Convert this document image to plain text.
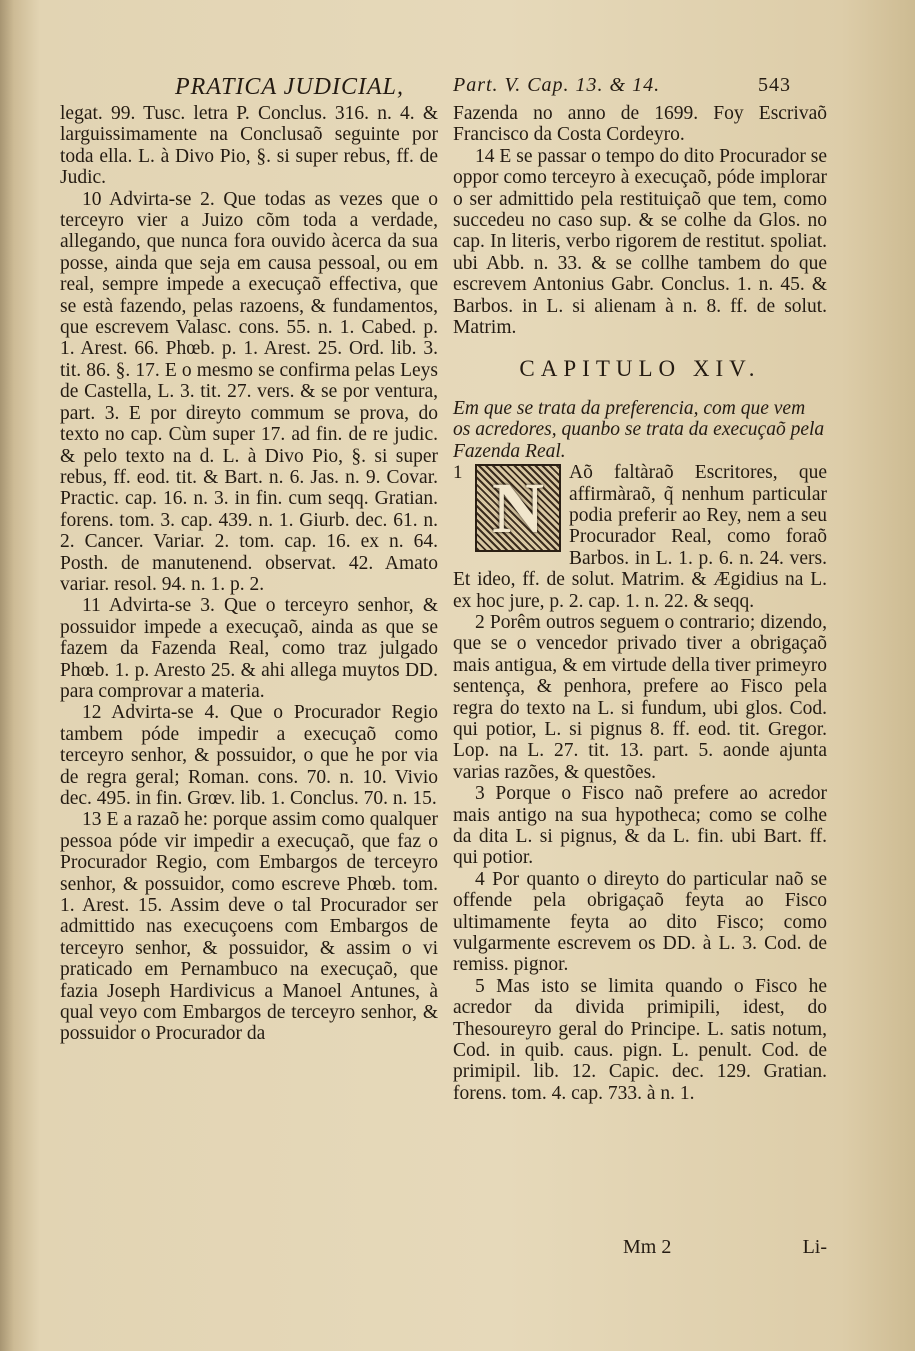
PRATICA JUDICIAL, Part. V. Cap. 13. & 14.	543

legat. 99. Tusc. letra P. Conclus. 316. n. 4. & larguissimamente na Conclusaõ seguinte por toda ella. L. à Divo Pio, §. si super rebus, ff. de Judic.

10 Advirta-se 2. Que todas as vezes que o terceyro vier a Juizo cõm toda a verdade, allegando, que nunca fora ouvido àcerca da sua posse, ainda que seja em causa pessoal, ou em real, sempre impede a execuçaõ effectiva, que se està fazendo, pelas razoens, & fundamentos, que escrevem Valasc. cons. 55. n. 1. Cabed. p. 1. Arest. 66. Phœb. p. 1. Arest. 25. Ord. lib. 3. tit. 86. §. 17. E o mesmo se confirma pelas Leys de Castella, L. 3. tit. 27. vers. & se por ventura, part. 3. E por direyto commum se prova, do texto no cap. Cùm super 17. ad fin. de re judic. & pelo texto na d. L. à Divo Pio, §. si super rebus, ff. eod. tit. & Bart. n. 6. Jas. n. 9. Covar. Practic. cap. 16. n. 3. in fin. cum seqq. Gratian. forens. tom. 3. cap. 439. n. 1. Giurb. dec. 61. n. 2. Cancer. Variar. 2. tom. cap. 16. ex n. 64. Posth. de manutenend. observat. 42. Amato variar. resol. 94. n. 1. p. 2.

11 Advirta-se 3. Que o terceyro senhor, & possuidor impede a execuçaõ, ainda as que se fazem da Fazenda Real, como traz julgado Phœb. 1. p. Aresto 25. & ahi allega muytos DD. para comprovar a materia.

12 Advirta-se 4. Que o Procurador Regio tambem póde impedir a execuçaõ como terceyro senhor, & possuidor, o que he por via de regra geral; Roman. cons. 70. n. 10. Vivio dec. 495. in fin. Grœv. lib. 1. Conclus. 70. n. 15.

13 E a razaõ he: porque assim como qualquer pessoa póde vir impedir a execuçaõ, que faz o Procurador Regio, com Embargos de terceyro senhor, & possuidor, como escreve Phœb. tom. 1. Arest. 15. Assim deve o tal Procurador ser admittido nas execuçoens com Embargos de terceyro senhor, & possuidor, & assim o vi praticado em Pernambuco na execuçaõ, que fazia Joseph Hardivicus a Manoel Antunes, à qual veyo com Embargos de terceyro senhor, & possuidor o Procurador da

Fazenda no anno de 1699. Foy Escrivaõ Francisco da Costa Cordeyro.

14 E se passar o tempo do dito Procurador se oppor como terceyro à execuçaõ, póde implorar o ser admittido pela restituiçaõ que tem, como succedeu no caso sup. & se colhe da Glos. no cap. In literis, verbo rigorem de restitut. spoliat. ubi Abb. n. 33. & se collhe tambem do que escrevem Antonius Gabr. Conclus. 1. n. 45. & Barbos. in L. si alienam à n. 8. ff. de solut. Matrim.

CAPITULO XIV.

Em que se trata da preferencia, com que vem os acredores, quanbo se trata da execuçaõ pela Fazenda Real.

1 N	Aõ faltàraõ Escritores, que affirmàraõ, q̃ nenhum particular podia preferir ao Rey, nem a seu Procurador Real, como foraõ Barbos. in L. 1. p. 6. n. 24. vers. Et ideo, ff. de solut. Matrim. & Ægidius na L. ex hoc jure, p. 2. cap. 1. n. 22. & seqq.

2 Porêm outros seguem o contrario; dizendo, que se o vencedor privado tiver a obrigaçaõ mais antigua, & em virtude della tiver primeyro sentença, & penhora, prefere ao Fisco pela regra do texto na L. si fundum, ubi glos. Cod. qui potior, L. si pignus 8. ff. eod. tit. Gregor. Lop. na L. 27. tit. 13. part. 5. aonde ajunta varias razões, & questões.

3 Porque o Fisco naõ prefere ao acredor mais antigo na sua hypotheca; como se colhe da dita L. si pignus, & da L. fin. ubi Bart. ff. qui potior.

4 Por quanto o direyto do particular naõ se offende pela obrigaçaõ feyta ao Fisco ultimamente feyta ao dito Fisco; como vulgarmente escrevem os DD. à L. 3. Cod. de remiss. pignor.

5 Mas isto se limita quando o Fisco he acredor da divida primipili, idest, do Thesoureyro geral do Principe. L. satis notum, Cod. in quib. caus. pign. L. penult. Cod. de primipil. lib. 12. Capic. dec. 129. Gratian. forens. tom. 4. cap. 733. à n. 1.

Mm 2	Li-
